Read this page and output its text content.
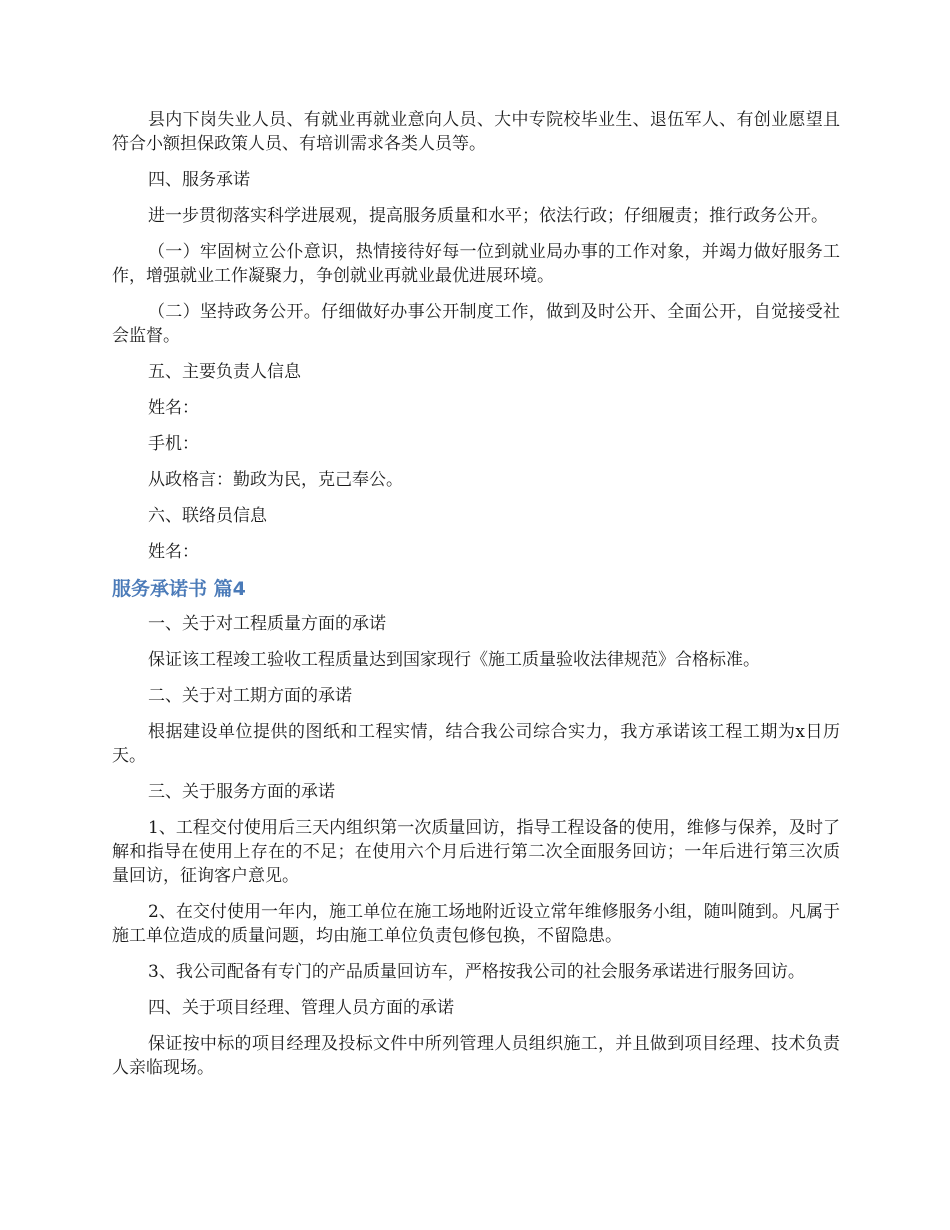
县内下岗失业人员、有就业再就业意向人员、大中专院校毕业生、退伍军人、有创业愿望且符合小额担保政策人员、有培训需求各类人员等。

四、服务承诺

进一步贯彻落实科学进展观，提高服务质量和水平；依法行政；仔细履责；推行政务公开。

（一）牢固树立公仆意识，热情接待好每一位到就业局办事的工作对象，并竭力做好服务工作，增强就业工作凝聚力，争创就业再就业最优进展环境。

（二）坚持政务公开。仔细做好办事公开制度工作，做到及时公开、全面公开，自觉接受社会监督。

五、主要负责人信息

姓名：

手机：

从政格言：勤政为民，克己奉公。

六、联络员信息

姓名：

服务承诺书 篇4

一、关于对工程质量方面的承诺

保证该工程竣工验收工程质量达到国家现行《施工质量验收法律规范》合格标准。

二、关于对工期方面的承诺

根据建设单位提供的图纸和工程实情，结合我公司综合实力，我方承诺该工程工期为x日历天。

三、关于服务方面的承诺

1、工程交付使用后三天内组织第一次质量回访，指导工程设备的使用，维修与保养，及时了解和指导在使用上存在的不足；在使用六个月后进行第二次全面服务回访；一年后进行第三次质量回访，征询客户意见。

2、在交付使用一年内，施工单位在施工场地附近设立常年维修服务小组，随叫随到。凡属于施工单位造成的质量问题，均由施工单位负责包修包换，不留隐患。

3、我公司配备有专门的产品质量回访车，严格按我公司的社会服务承诺进行服务回访。

四、关于项目经理、管理人员方面的承诺

保证按中标的项目经理及投标文件中所列管理人员组织施工，并且做到项目经理、技术负责人亲临现场。
